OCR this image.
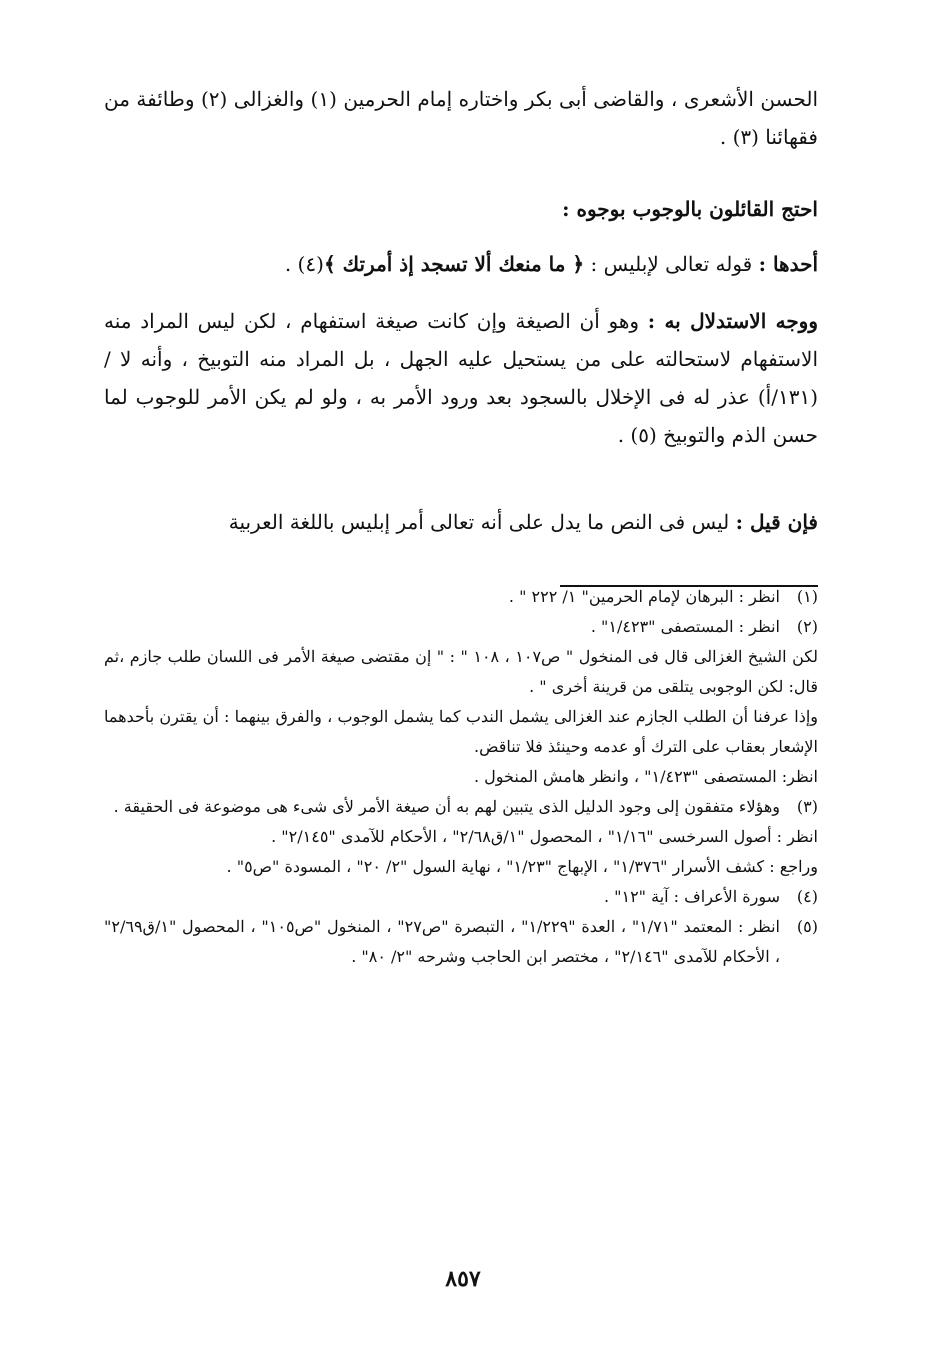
الحسن الأشعرى ، والقاضى أبى بكر واختاره إمام الحرمين (١) والغزالى (٢) وطائفة من فقهائنا (٣) .

احتج القائلون بالوجوب بوجوه :

أحدها : قوله تعالى لإبليس : ﴿ ما منعك ألا تسجد إذ أمرتك ﴾(٤) .

ووجه الاستدلال به : وهو أن الصيغة وإن كانت صيغة استفهام ، لكن ليس المراد منه الاستفهام لاستحالته على من يستحيل عليه الجهل ، بل المراد منه التوبيخ ، وأنه لا / (١٣١/أ) عذر له فى الإخلال بالسجود بعد ورود الأمر به ، ولو لم يكن الأمر للوجوب لما حسن الذم والتوبيخ (٥) .

فإن قيل : ليس فى النص ما يدل على أنه تعالى أمر إبليس باللغة العربية

(١)
انظر : البرهان لإمام الحرمين" ١/ ٢٢٢ " .
(٢)
انظر : المستصفى "١/٤٢٣" .
لكن الشيخ الغزالى قال فى المنخول " ص١٠٧ ، ١٠٨ " : " إن مقتضى صيغة الأمر فى اللسان طلب جازم ،ثم قال: لكن الوجوبى يتلقى من قرينة أخرى " .
وإذا عرفنا أن الطلب الجازم عند الغزالى يشمل الندب كما يشمل الوجوب ، والفرق بينهما : أن يقترن بأحدهما الإشعار بعقاب على الترك أو عدمه وحينئذ فلا تناقض.
انظر: المستصفى "١/٤٢٣" ، وانظر هامش المنخول .
(٣)
وهؤلاء متفقون إلى وجود الدليل الذى يتبين لهم به أن صيغة الأمر لأى شىء هى موضوعة فى الحقيقة .
انظر : أصول السرخسى "١/١٦" ، المحصول "١/ق٢/٦٨" ، الأحكام للآمدى "٢/١٤٥" .
وراجع : كشف الأسرار "١/٣٧٦" ، الإبهاج "١/٢٣" ، نهاية السول "٢/ ٢٠" ، المسودة "ص٥" .
(٤)
سورة الأعراف : آية "١٢" .
(٥)
انظر : المعتمد "١/٧١" ، العدة "١/٢٢٩" ، التبصرة "ص٢٧" ، المنخول "ص١٠٥" ، المحصول "١/ق٢/٦٩" ، الأحكام للآمدى "٢/١٤٦" ، مختصر ابن الحاجب وشرحه "٢/ ٨٠" .
٨٥٧
